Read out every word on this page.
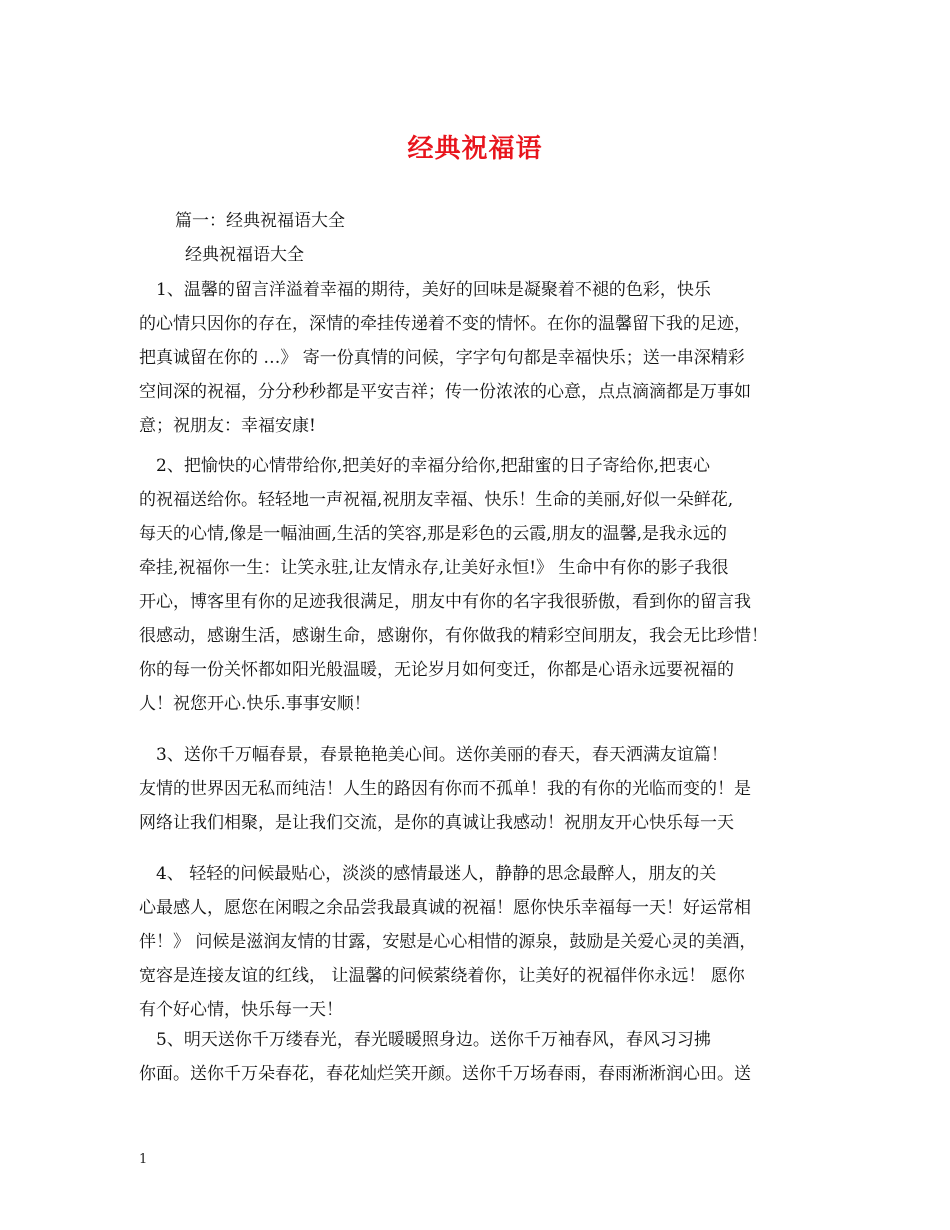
经典祝福语
篇一：经典祝福语大全
经典祝福语大全
　1、温馨的留言洋溢着幸福的期待，美好的回味是凝聚着不褪的色彩，快乐
的心情只因你的存在，深情的牵挂传递着不变的情怀。在你的温馨留下我的足迹，
把真诚留在你的 …》 寄一份真情的问候，字字句句都是幸福快乐；送一串深精彩
空间深的祝福，分分秒秒都是平安吉祥；传一份浓浓的心意，点点滴滴都是万事如
意；祝朋友：幸福安康!
　2、把愉快的心情带给你,把美好的幸福分给你,把甜蜜的日子寄给你,把衷心
的祝福送给你。轻轻地一声祝福,祝朋友幸福、快乐！生命的美丽,好似一朵鲜花,
每天的心情,像是一幅油画,生活的笑容,那是彩色的云霞,朋友的温馨,是我永远的
牵挂,祝福你一生：让笑永驻,让友情永存,让美好永恒!》 生命中有你的影子我很
开心，博客里有你的足迹我很满足，朋友中有你的名字我很骄傲，看到你的留言我
很感动，感谢生活，感谢生命，感谢你，有你做我的精彩空间朋友，我会无比珍惜！
你的每一份关怀都如阳光般温暖，无论岁月如何变迁，你都是心语永远要祝福的
人！祝您开心.快乐.事事安顺！
　3、送你千万幅春景，春景艳艳美心间。送你美丽的春天，春天洒满友谊篇！
友情的世界因无私而纯洁！人生的路因有你而不孤单！我的有你的光临而变的！是
网络让我们相聚，是让我们交流，是你的真诚让我感动！祝朋友开心快乐每一天
　4、 轻轻的问候最贴心，淡淡的感情最迷人，静静的思念最醉人，朋友的关
心最感人，愿您在闲暇之余品尝我最真诚的祝福！愿你快乐幸福每一天！好运常相
伴！》 问候是滋润友情的甘露，安慰是心心相惜的源泉，鼓励是关爱心灵的美酒，
宽容是连接友谊的红线， 让温馨的问候萦绕着你，让美好的祝福伴你永远！ 愿你
有个好心情，快乐每一天！
　5、明天送你千万缕春光，春光暖暖照身边。送你千万袖春风，春风习习拂
你面。送你千万朵春花，春花灿烂笑开颜。送你千万场春雨，春雨淅淅润心田。送
1
